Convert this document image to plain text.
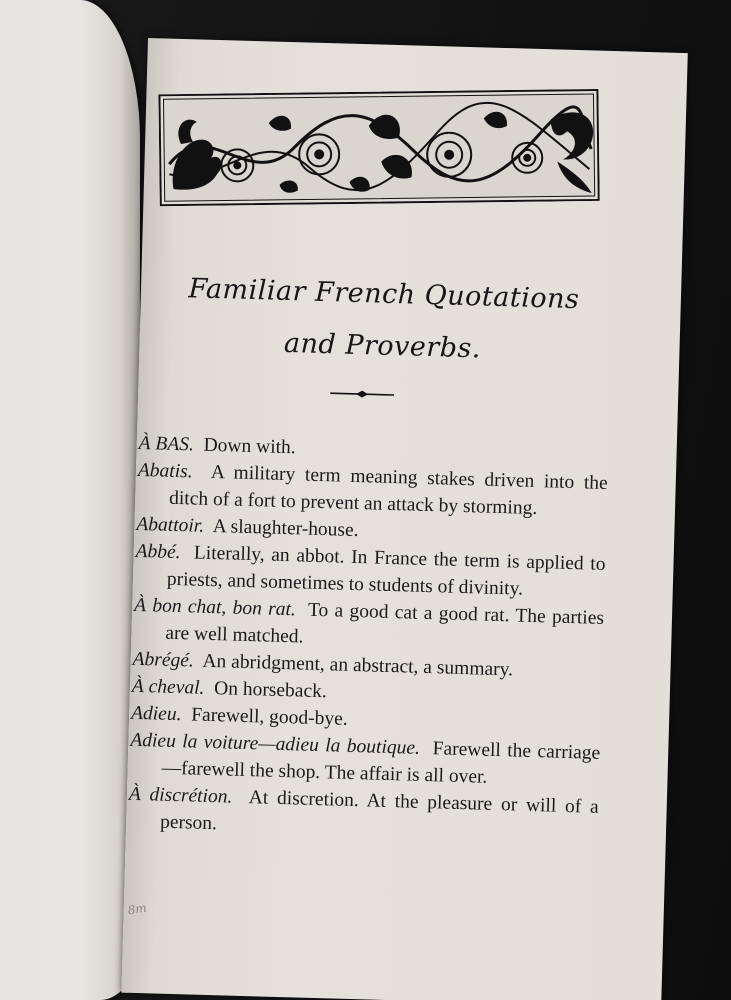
Familiar French Quotations
and Proverbs.

À BAS. Down with.

Abatis. A military term meaning stakes driven into the ditch of a fort to prevent an attack by storming.

Abattoir. A slaughter-house.

Abbé. Literally, an abbot. In France the term is applied to priests, and sometimes to students of divinity.

À bon chat, bon rat. To a good cat a good rat. The parties are well matched.

Abrégé. An abridgment, an abstract, a summary.

À cheval. On horseback.

Adieu. Farewell, good-bye.

Adieu la voiture—adieu la boutique. Farewell the carriage—farewell the shop. The affair is all over.

À discrétion. At discretion. At the pleasure or will of a person.

8m
